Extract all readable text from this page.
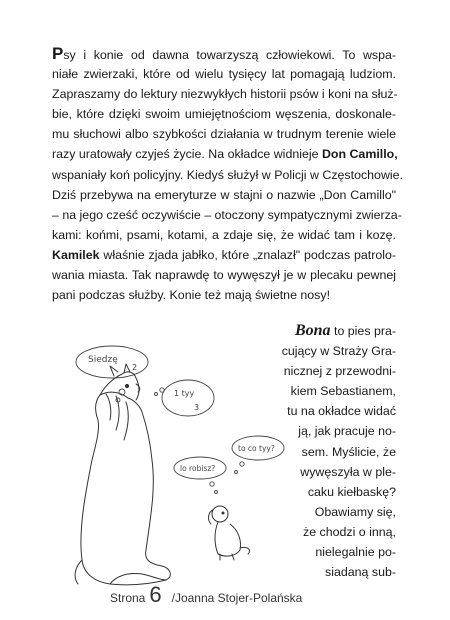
Psy i konie od dawna towarzyszą człowiekowi. To wspa-
niałe zwierzaki, które od wielu tysięcy lat pomagają ludziom.
Zapraszamy do lektury niezwykłych historii psów i koni na służ-
bie, które dzięki swoim umiejętnościom węszenia, doskonale-
mu słuchowi albo szybkości działania w trudnym terenie wiele
razy uratowały czyjeś życie. Na okładce widnieje Don Camillo,
wspaniały koń policyjny. Kiedyś służył w Policji w Częstochowie.
Dziś przebywa na emeryturze w stajni o nazwie „Don Camillo"
– na jego cześć oczywiście – otoczony sympatycznymi zwierza-
kami: końmi, psami, kotami, a zdaje się, że widać tam i kozę.
Kamilek właśnie zjada jabłko, które „znalazł" podczas patrolo-
wania miasta. Tak naprawdę to wywęszył je w plecaku pewnej
pani podczas służby. Konie też mają świetne nosy!
Bona to pies pra-
cujący w Straży Gra-
nicznej z przewodni-
kiem Sebastianem,
tu na okładce widać
ją, jak pracuje no-
sem. Myślicie, że
wywęszyła w ple-
caku kiełbaskę?
Obawiamy się,
że chodzi o inną,
nielegalnie po-
siadaną sub-
Siedzę
2
1 tyy
3
to co tyy?
lo robisz?
Strona 6 /Joanna Stojer-Polańska
